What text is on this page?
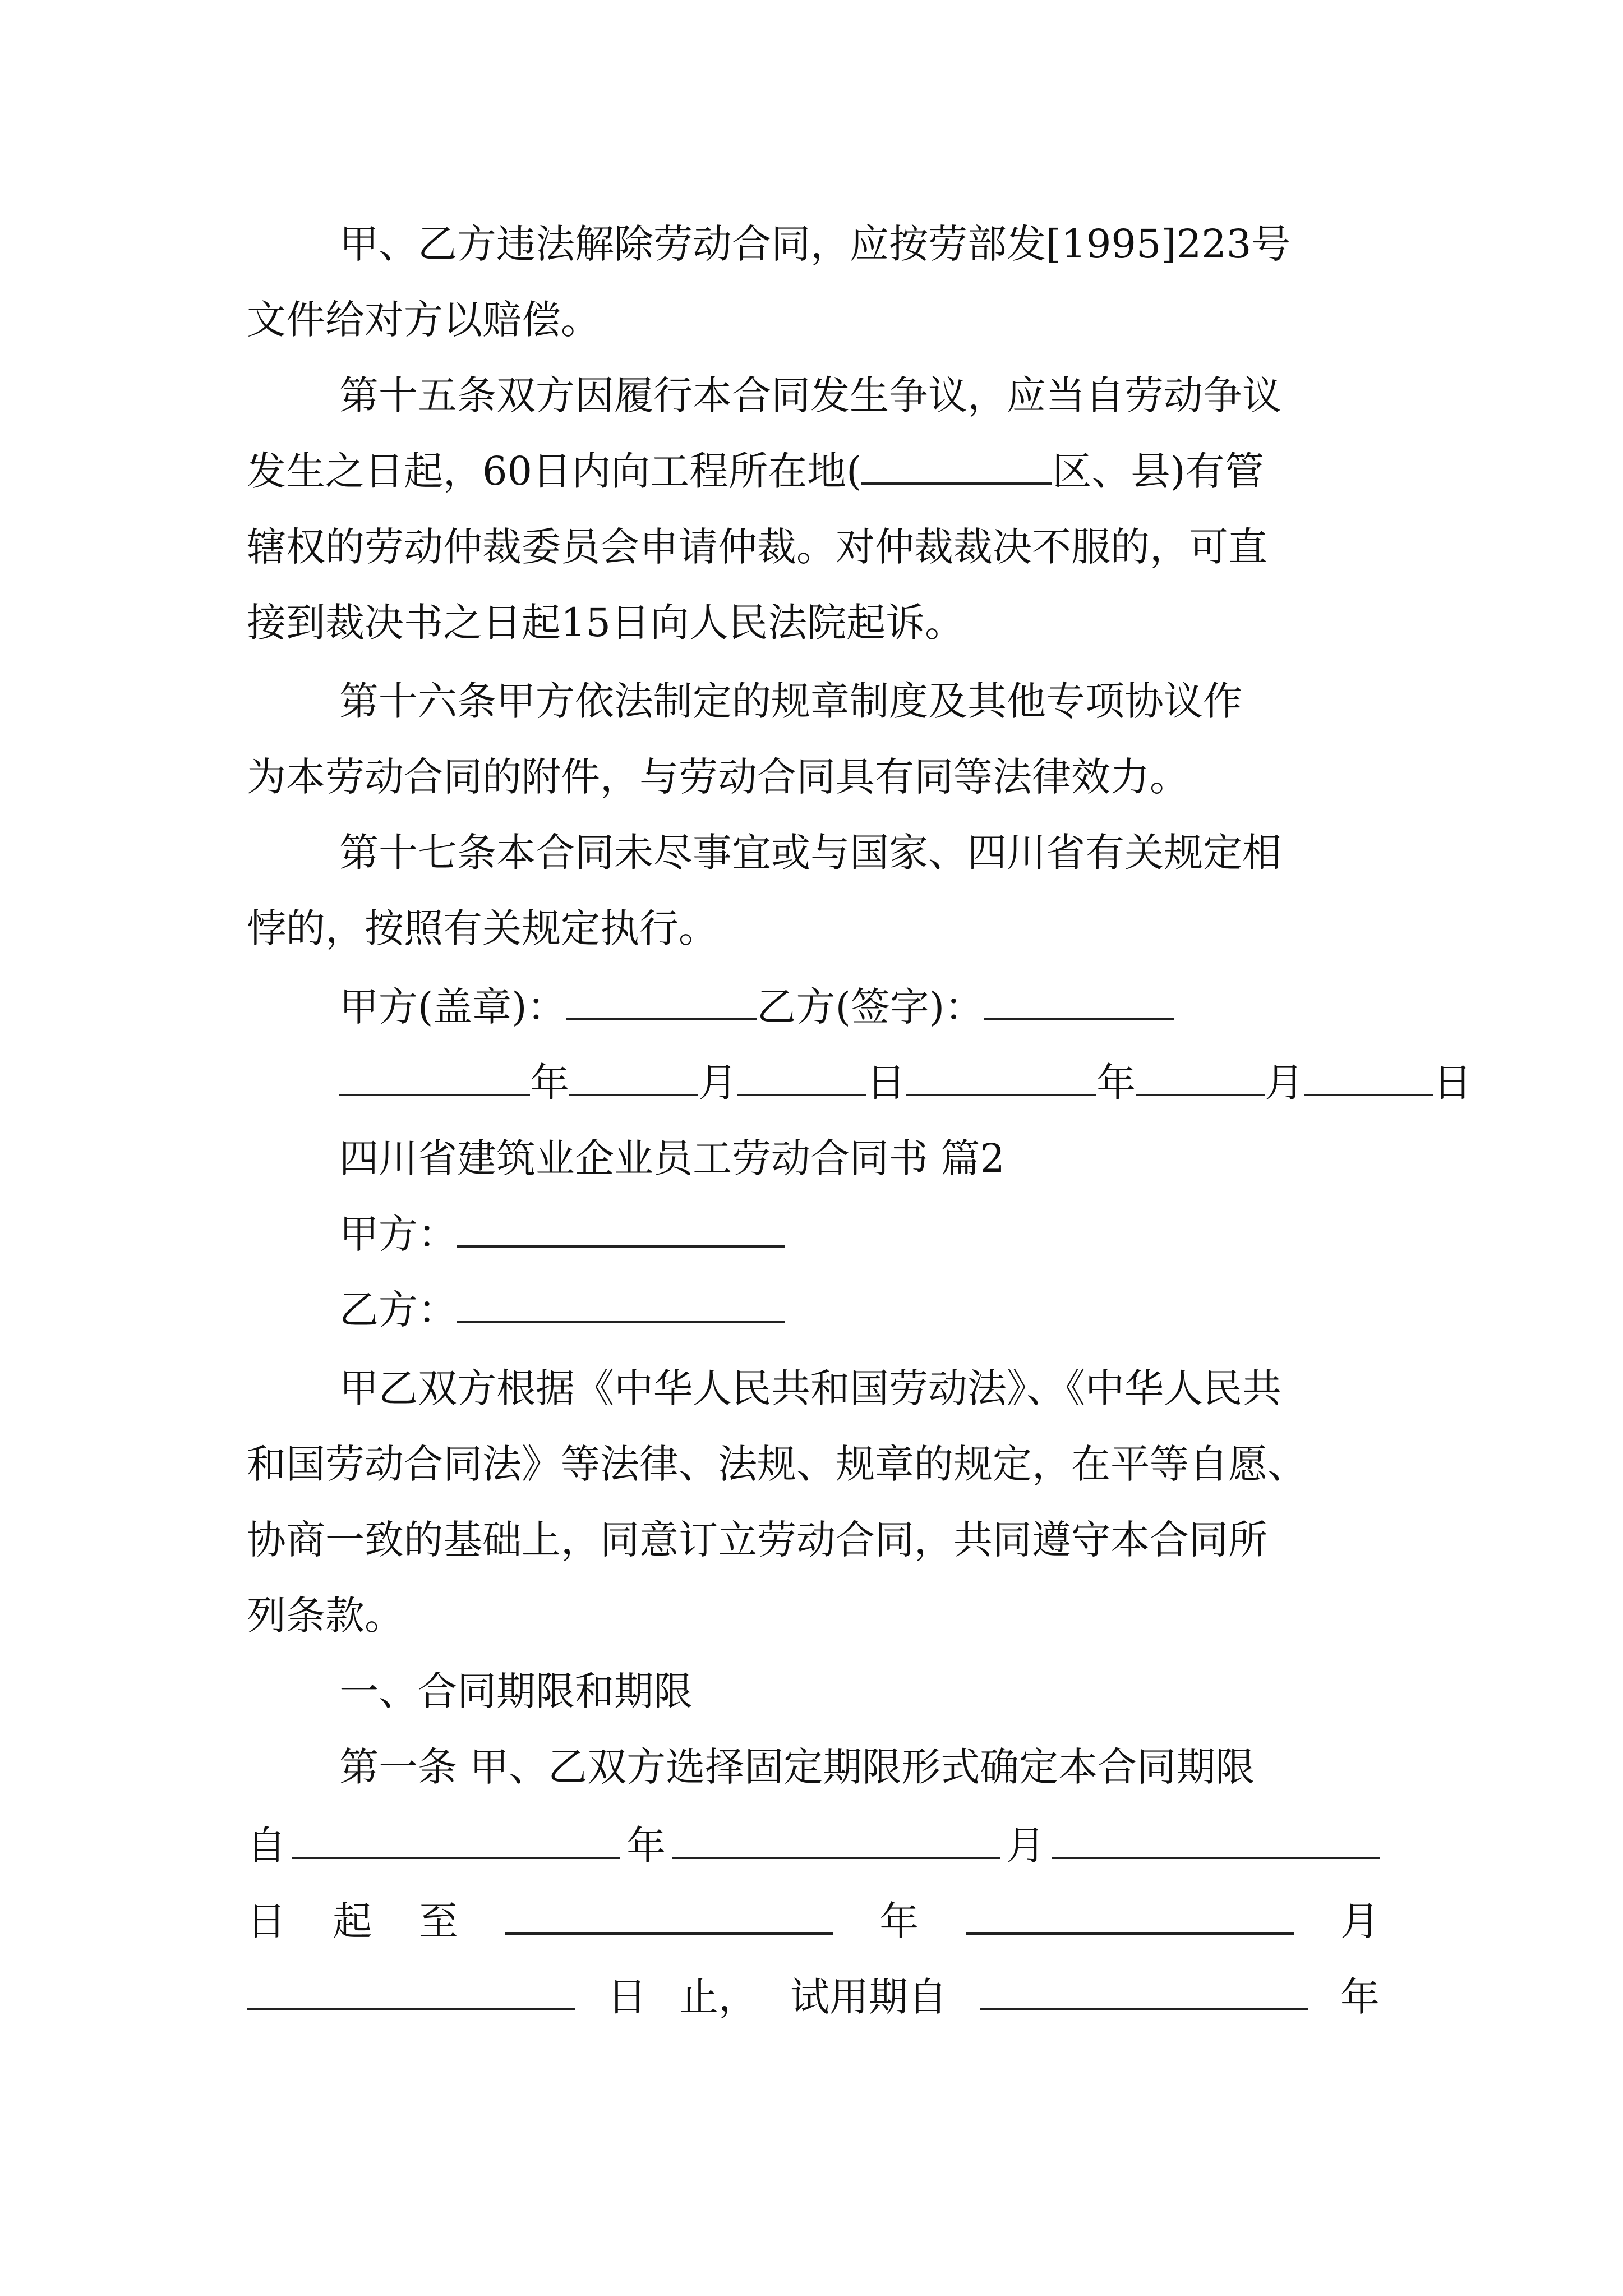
甲、乙方违法解除劳动合同，应按劳部发[1995]223号
文件给对方以赔偿。
第十五条双方因履行本合同发生争议，应当自劳动争议
发生之日起，60日内向工程所在地(	区、县)有管
辖权的劳动仲裁委员会申请仲裁。对仲裁裁决不服的，可直
接到裁决书之日起15日向人民法院起诉。
第十六条甲方依法制定的规章制度及其他专项协议作
为本劳动合同的附件，与劳动合同具有同等法律效力。
第十七条本合同未尽事宜或与国家、四川省有关规定相
悖的，按照有关规定执行。
甲方(盖章)：	乙方(签字)：
年	月	日	年	月	日
四川省建筑业企业员工劳动合同书 篇2
甲方：
乙方：
甲乙双方根据《中华人民共和国劳动法》、《中华人民共
和国劳动合同法》等法律、法规、规章的规定，在平等自愿、
协商一致的基础上，同意订立劳动合同，共同遵守本合同所
列条款。
一、合同期限和期限
第一条 甲、乙双方选择固定期限形式确定本合同期限
自	年	月
日 起 至	年	月
日 止， 试用期自	年
